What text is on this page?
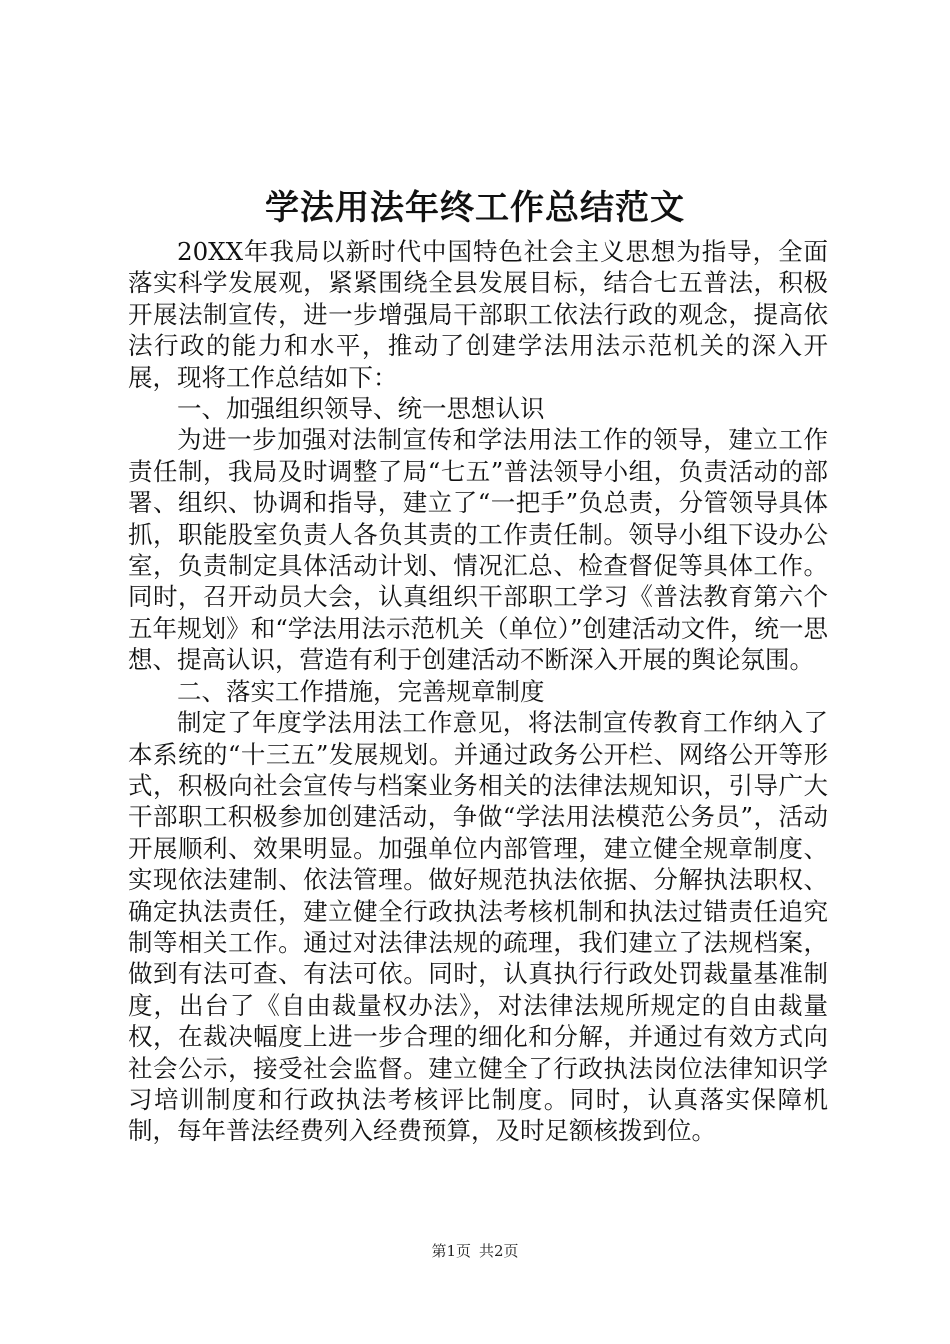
学法用法年终工作总结范文

20XX年我局以新时代中国特色社会主义思想为指导，全面落实科学发展观，紧紧围绕全县发展目标，结合七五普法，积极开展法制宣传，进一步增强局干部职工依法行政的观念，提高依法行政的能力和水平，推动了创建学法用法示范机关的深入开展，现将工作总结如下：

一、加强组织领导、统一思想认识

为进一步加强对法制宣传和学法用法工作的领导，建立工作责任制，我局及时调整了局“七五”普法领导小组，负责活动的部署、组织、协调和指导，建立了“一把手”负总责，分管领导具体抓，职能股室负责人各负其责的工作责任制。领导小组下设办公室，负责制定具体活动计划、情况汇总、检查督促等具体工作。同时，召开动员大会，认真组织干部职工学习《普法教育第六个五年规划》和“学法用法示范机关（单位）”创建活动文件，统一思想、提高认识，营造有利于创建活动不断深入开展的舆论氛围。

二、落实工作措施，完善规章制度

制定了年度学法用法工作意见，将法制宣传教育工作纳入了本系统的“十三五”发展规划。并通过政务公开栏、网络公开等形式，积极向社会宣传与档案业务相关的法律法规知识，引导广大干部职工积极参加创建活动，争做“学法用法模范公务员”，活动开展顺利、效果明显。加强单位内部管理，建立健全规章制度、实现依法建制、依法管理。做好规范执法依据、分解执法职权、确定执法责任，建立健全行政执法考核机制和执法过错责任追究制等相关工作。通过对法律法规的疏理，我们建立了法规档案，做到有法可查、有法可依。同时，认真执行行政处罚裁量基准制度，出台了《自由裁量权办法》，对法律法规所规定的自由裁量权，在裁决幅度上进一步合理的细化和分解，并通过有效方式向社会公示，接受社会监督。建立健全了行政执法岗位法律知识学习培训制度和行政执法考核评比制度。同时，认真落实保障机制，每年普法经费列入经费预算，及时足额核拨到位。

第1页 共2页
